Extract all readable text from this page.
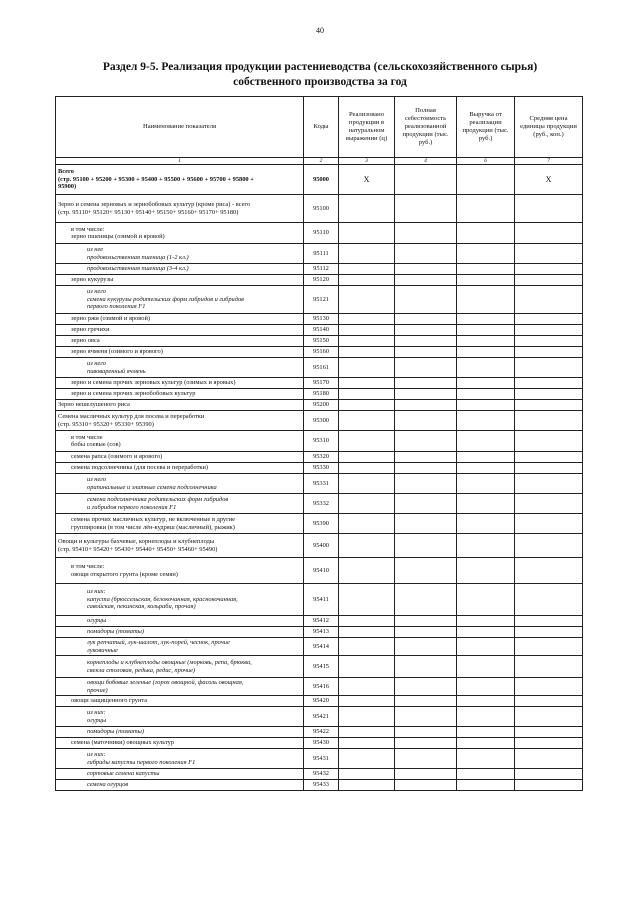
40
Раздел 9-5. Реализация продукции растениеводства (сельскохозяйственного сырья)
собственного производства за год
Наименование показателя	Коды	Реализовано продукции в натуральном выражении (ц)	Полная себестоимость реализованной продукции (тыс. руб.)	Выручка от реализации продукции (тыс. руб.)	Средняя цена единицы продукции (руб., коп.)
1	2	3	4	6	7

Всего
(стр. 95100 + 95200 + 95300 + 95400 + 95500 + 95600 + 95700 + 95800 +
95900)	95000	X			X

Зерно и семена зерновых и зернобобовых культур (кроме риса) - всего
(стр. 95110+ 95120+ 95130+ 95140+ 95150+ 95160+ 95170+ 95180)	95100				

в том числе:
зерно пшеницы (озимой и яровой)	95110				

из нее
продовольственная пшеница (1-2 кл.)	95111				

продовольственная пшеница (3-4 кл.)	95112				

зерно кукурузы	95120				

из него
семена кукурузы родительских форм гибридов и гибридов
первого поколения F1	95121				

зерно ржи (озимой и яровой)	95130				

зерно гречихи	95140				

зерно овса	95150				

зерно ячменя (озимого и ярового)	95160				

из него
пивоваренный ячмень	95161				

зерно и семена прочих зерновых культур (озимых и яровых)	95170				

зерно и семена прочих зернобобовых культур	95180				

Зерно нешелушеного риса	95200				

Семена масличных культур для посева и переработки
(стр. 95310+ 95320+ 95330+ 95390)	95300				

в том числе
бобы соевые (сов)	95310				

семена рапса (озимого и ярового)	95320				

семена подсолнечника (для посева и переработки)	95330				

из него
орипинальные и элитные семена подсолнечника	95331				

семена подсолнечника родительских форм гибридов
и гибридов первого поколения F1	95332				

семена прочих масличных культур, не включенные в другие
группировки (в том числе лён-кудряш (масличный), рыжик)	95390				

Овощи и культуры бахчевые, корнеплоды и клубнеплоды
(стр. 95410+ 95420+ 95430+ 95440+ 95450+ 95460+ 95490)	95400				

в том числе:
овощи открытого грунта (кроме семян)	95410				

из них:
капуста (брюссельская, белокочанная, краснокочанная,
савойская, пекинская, кольраби, прочая)	95411				

огурцы	95412				

помидоры (томаты)	95413				

лук репчатый, лук-шалот, лук-порей, чеснок, прочие
луковичные	95414				

корнеплоды и клубнеплоды овощные (морковь, репа, брюква,
свекла столовая, редька, редис, прочие)	95415				

овощи бобовые зеленые (горох овощной, фасоль овощная,
прочие)	95416				

овощи защищенного грунта	95420				

из них:
огурцы	95421				

помидоры (томаты)	95422				

семена (маточники) овощных культур	95430				

из них:
гибриды капусты первого поколения F1	95431				

сортовые семена капусты	95432				

семена огурцов	95433				
